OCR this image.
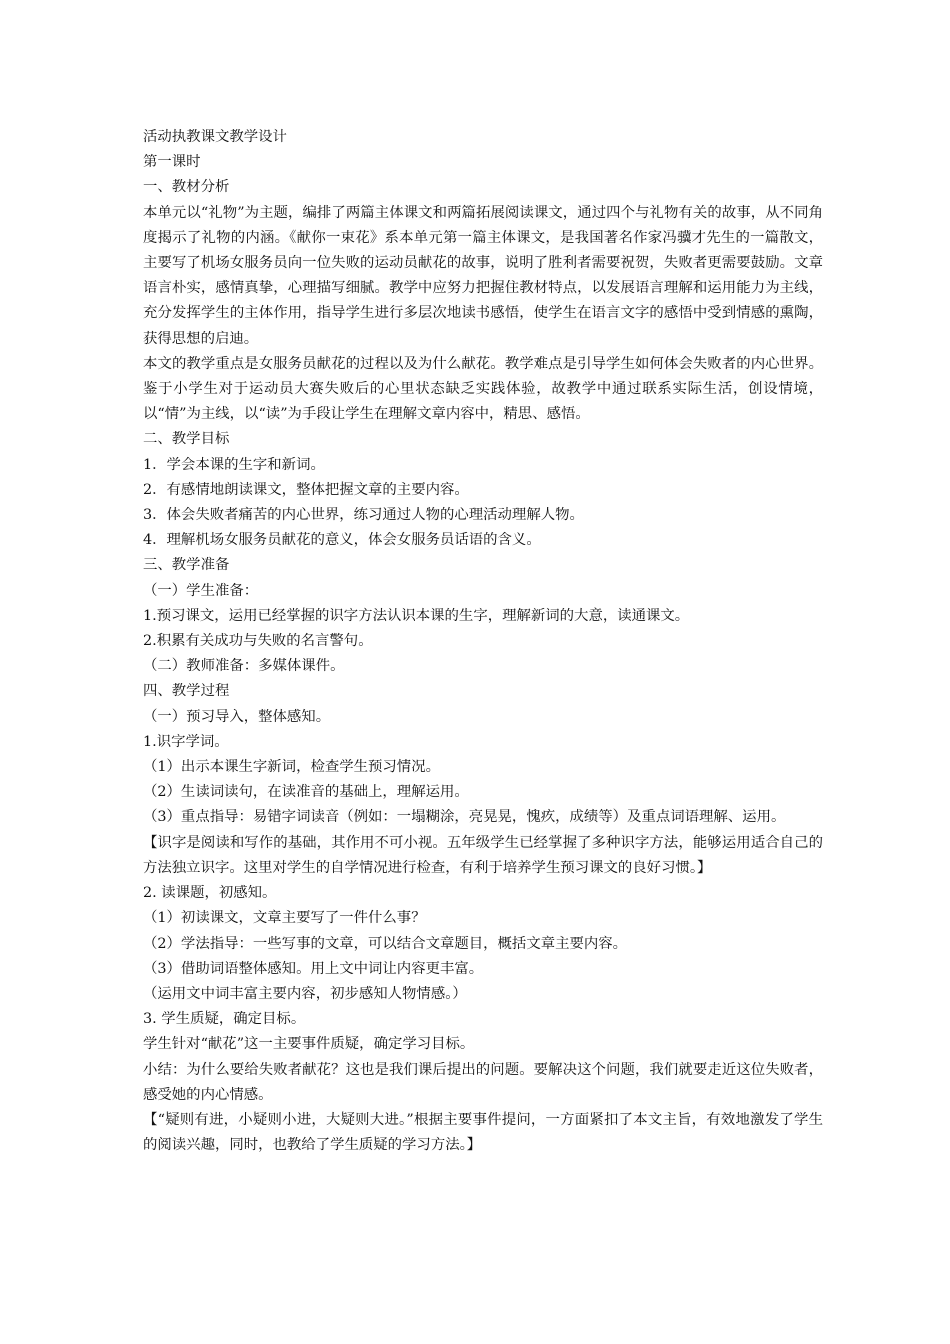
活动执教课文教学设计

第一课时

一、教材分析

本单元以“礼物”为主题，编排了两篇主体课文和两篇拓展阅读课文，通过四个与礼物有关的故事，从不同角度揭示了礼物的内涵。《献你一束花》系本单元第一篇主体课文，是我国著名作家冯骥才先生的一篇散文，主要写了机场女服务员向一位失败的运动员献花的故事，说明了胜利者需要祝贺，失败者更需要鼓励。文章语言朴实，感情真挚，心理描写细腻。教学中应努力把握住教材特点，以发展语言理解和运用能力为主线，充分发挥学生的主体作用，指导学生进行多层次地读书感悟，使学生在语言文字的感悟中受到情感的熏陶，获得思想的启迪。

本文的教学重点是女服务员献花的过程以及为什么献花。教学难点是引导学生如何体会失败者的内心世界。鉴于小学生对于运动员大赛失败后的心里状态缺乏实践体验，故教学中通过联系实际生活，创设情境，以“情”为主线，以“读”为手段让学生在理解文章内容中，精思、感悟。

二、教学目标

1．学会本课的生字和新词。

2．有感情地朗读课文，整体把握文章的主要内容。

3．体会失败者痛苦的内心世界，练习通过人物的心理活动理解人物。

4．理解机场女服务员献花的意义，体会女服务员话语的含义。

三、教学准备

（一）学生准备：

1.预习课文，运用已经掌握的识字方法认识本课的生字，理解新词的大意，读通课文。

2.积累有关成功与失败的名言警句。

（二）教师准备：多媒体课件。

四、教学过程

（一）预习导入，整体感知。

1.识字学词。

（1）出示本课生字新词，检查学生预习情况。

（2）生读词读句，在读准音的基础上，理解运用。

（3）重点指导：易错字词读音（例如：一塌糊涂，亮晃晃，愧疚，成绩等）及重点词语理解、运用。

【识字是阅读和写作的基础，其作用不可小视。五年级学生已经掌握了多种识字方法，能够运用适合自己的方法独立识字。这里对学生的自学情况进行检查，有利于培养学生预习课文的良好习惯。】

2. 读课题，初感知。

（1）初读课文，文章主要写了一件什么事？

（2）学法指导：一些写事的文章，可以结合文章题目，概括文章主要内容。

（3）借助词语整体感知。用上文中词让内容更丰富。

（运用文中词丰富主要内容，初步感知人物情感。）

3. 学生质疑，确定目标。

学生针对“献花”这一主要事件质疑，确定学习目标。

小结：为什么要给失败者献花？这也是我们课后提出的问题。要解决这个问题，我们就要走近这位失败者，感受她的内心情感。

【“疑则有进，小疑则小进，大疑则大进。”根据主要事件提问，一方面紧扣了本文主旨，有效地激发了学生的阅读兴趣，同时，也教给了学生质疑的学习方法。】
